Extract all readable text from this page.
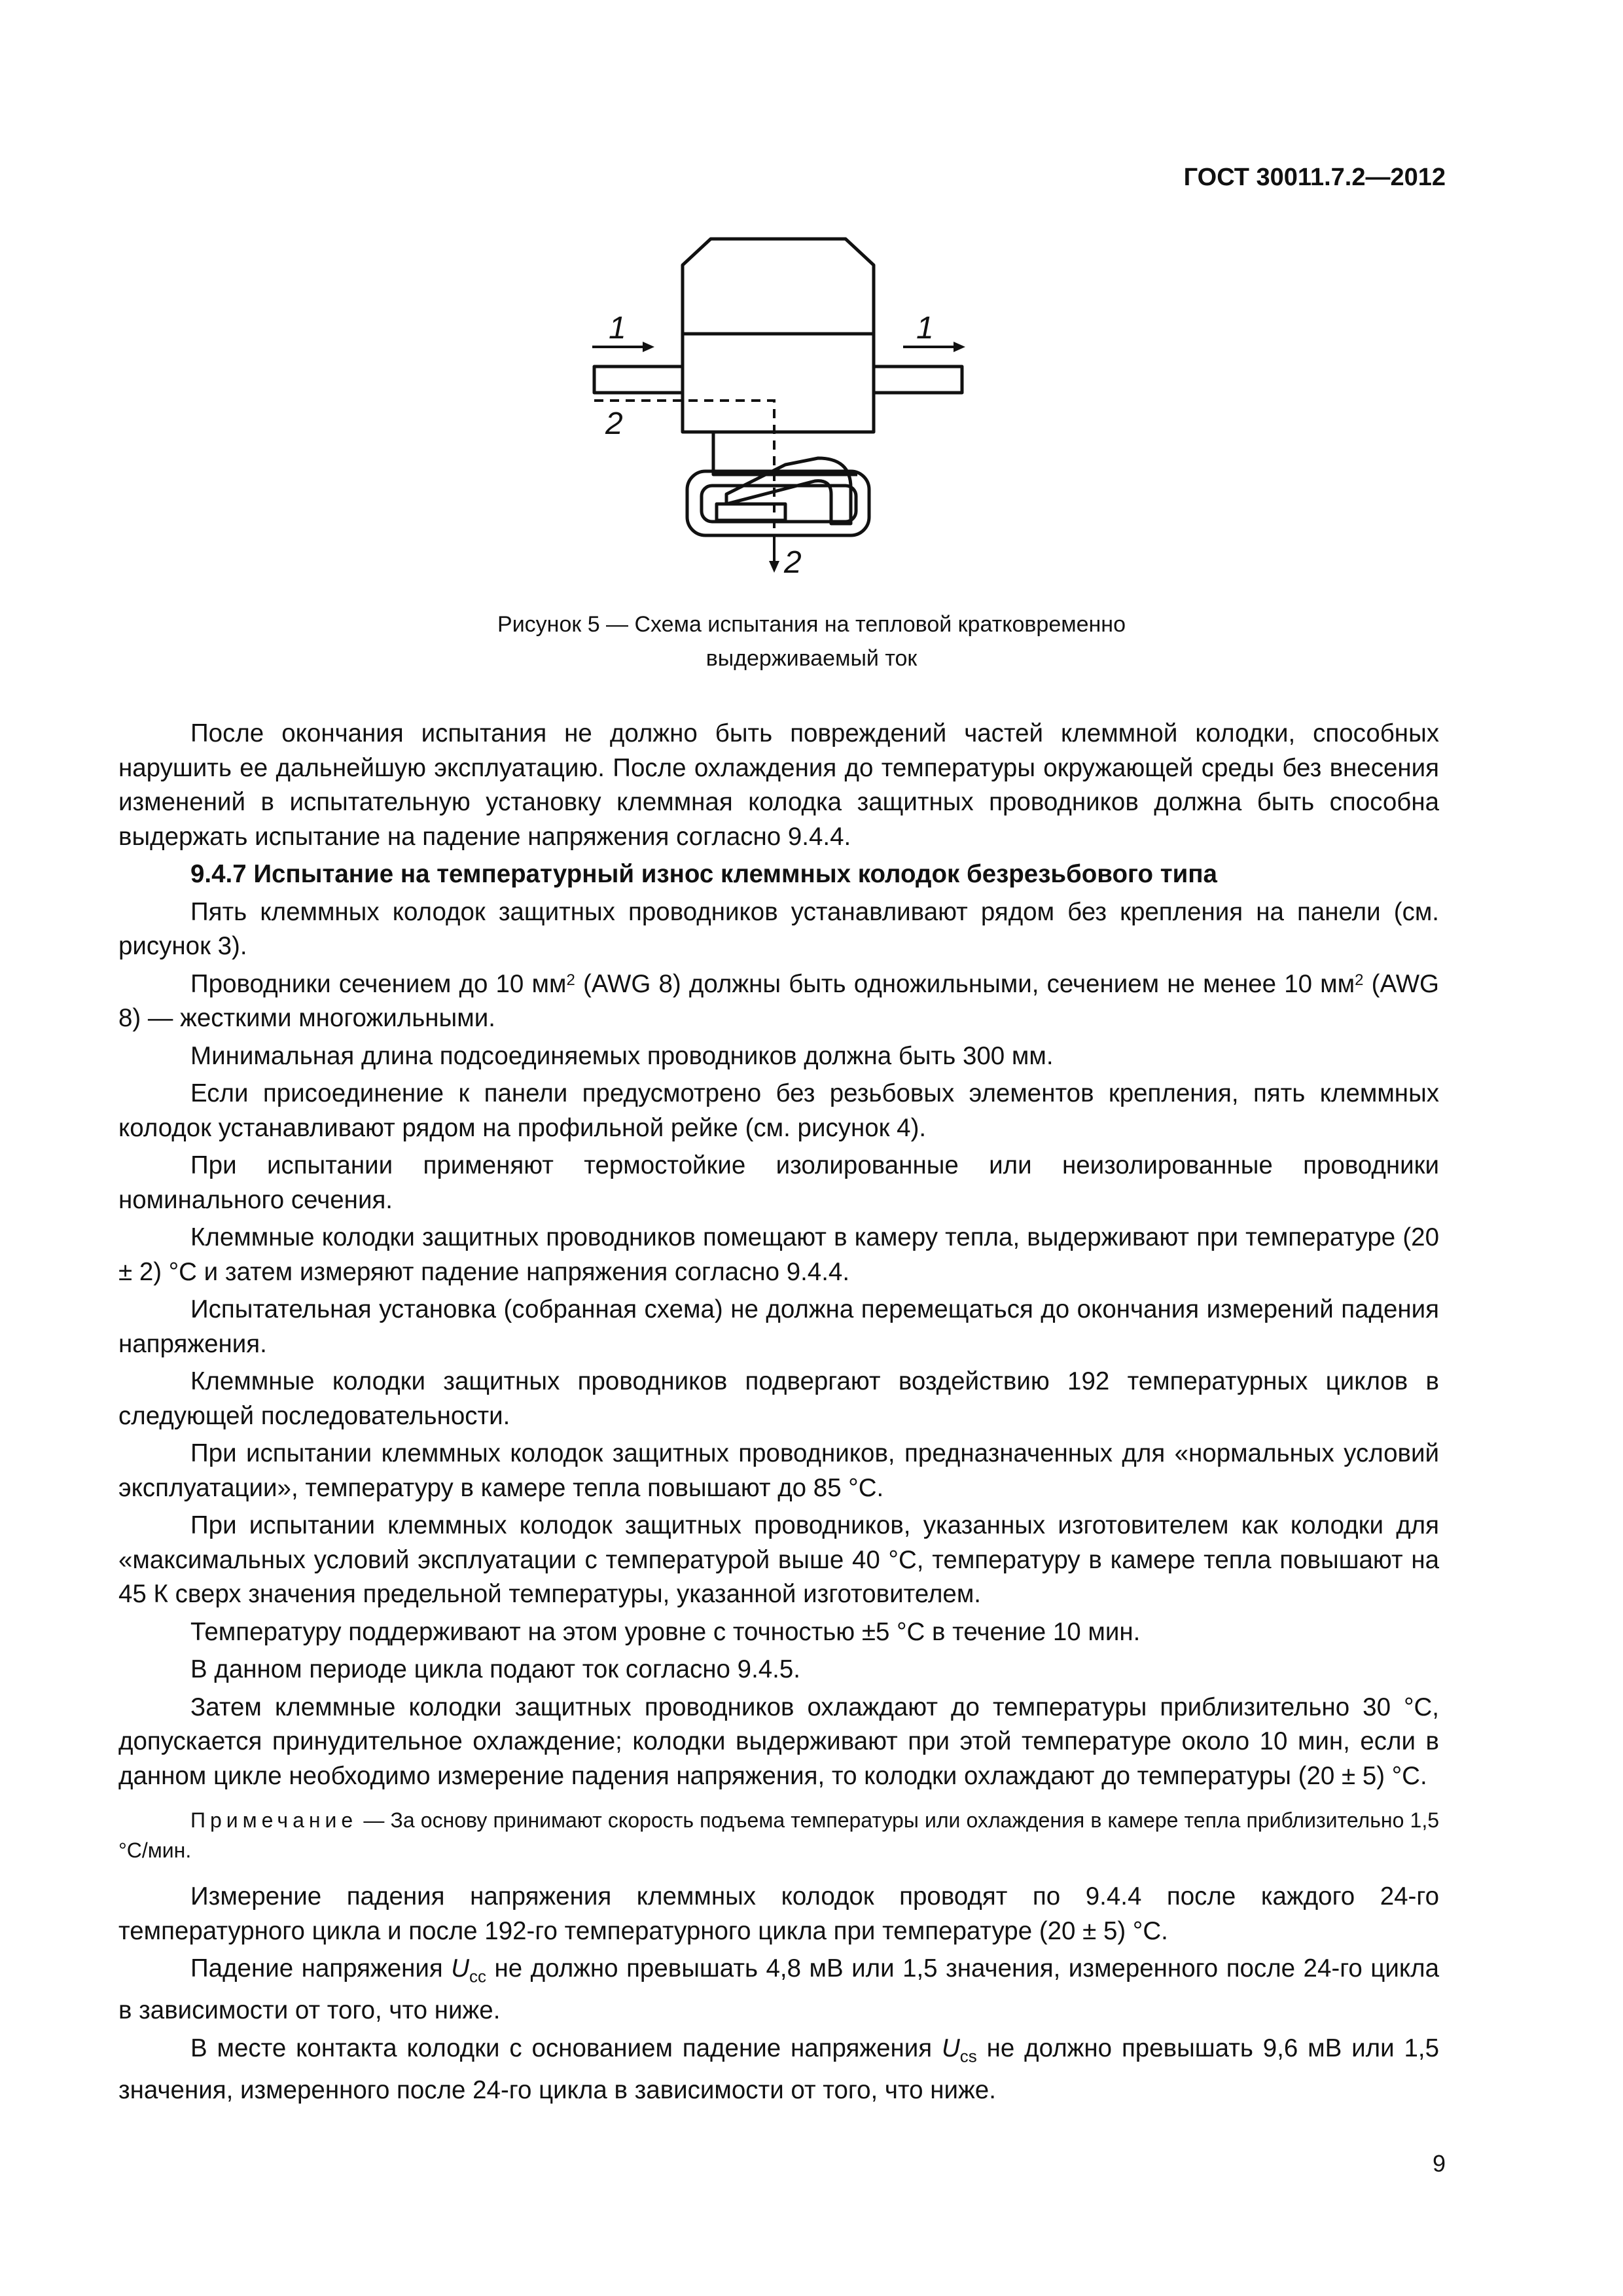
ГОСТ 30011.7.2—2012
1	1
2
2
Рисунок 5 — Схема испытания на тепловой кратковременно
выдерживаемый ток

После окончания испытания не должно быть повреждений частей клеммной колодки, способных нарушить ее дальнейшую эксплуатацию. После охлаждения до температуры окружающей среды без внесения изменений в испытательную установку клеммная колодка защитных проводников должна быть способна выдержать испытание на падение напряжения согласно 9.4.4.

9.4.7 Испытание на температурный износ клеммных колодок безрезьбового типа

Пять клеммных колодок защитных проводников устанавливают рядом без крепления на панели (см. рисунок 3).

Проводники сечением до 10 $мм^2$ (AWG 8) должны быть одножильными, сечением не менее 10 $мм^2$ (AWG 8) — жесткими многожильными.

Минимальная длина подсоединяемых проводников должна быть 300 мм.

Если присоединение к панели предусмотрено без резьбовых элементов крепления, пять клеммных колодок устанавливают рядом на профильной рейке (см. рисунок 4).

При испытании применяют термостойкие изолированные или неизолированные проводники номинального сечения.

Клеммные колодки защитных проводников помещают в камеру тепла, выдерживают при температуре (20 ± 2) °С и затем измеряют падение напряжения согласно 9.4.4.

Испытательная установка (собранная схема) не должна перемещаться до окончания измерений падения напряжения.

Клеммные колодки защитных проводников подвергают воздействию 192 температурных циклов в следующей последовательности.

При испытании клеммных колодок защитных проводников, предназначенных для «нормальных условий эксплуатации», температуру в камере тепла повышают до 85 °С.

При испытании клеммных колодок защитных проводников, указанных изготовителем как колодки для «максимальных условий эксплуатации с температурой выше 40 °С, температуру в камере тепла повышают на 45 К сверх значения предельной температуры, указанной изготовителем.

Температуру поддерживают на этом уровне с точностью ±5 °С в течение 10 мин.

В данном периоде цикла подают ток согласно 9.4.5.

Затем клеммные колодки защитных проводников охлаждают до температуры приблизительно 30 °С, допускается принудительное охлаждение; колодки выдерживают при этой температуре около 10 мин, если в данном цикле необходимо измерение падения напряжения, то колодки охлаждают до температуры (20 ± 5) °С.

Примечание — За основу принимают скорость подъема температуры или охлаждения в камере тепла приблизительно 1,5 °С/мин.

Измерение падения напряжения клеммных колодок проводят по 9.4.4 после каждого 24-го температурного цикла и после 192-го температурного цикла при температуре (20 ± 5) °С.

Падение напряжения $U_{cc}$ не должно превышать 4,8 мВ или 1,5 значения, измеренного после 24-го цикла в зависимости от того, что ниже.

В месте контакта колодки с основанием падение напряжения $U_{cs}$ не должно превышать 9,6 мВ или 1,5 значения, измеренного после 24-го цикла в зависимости от того, что ниже.

9
